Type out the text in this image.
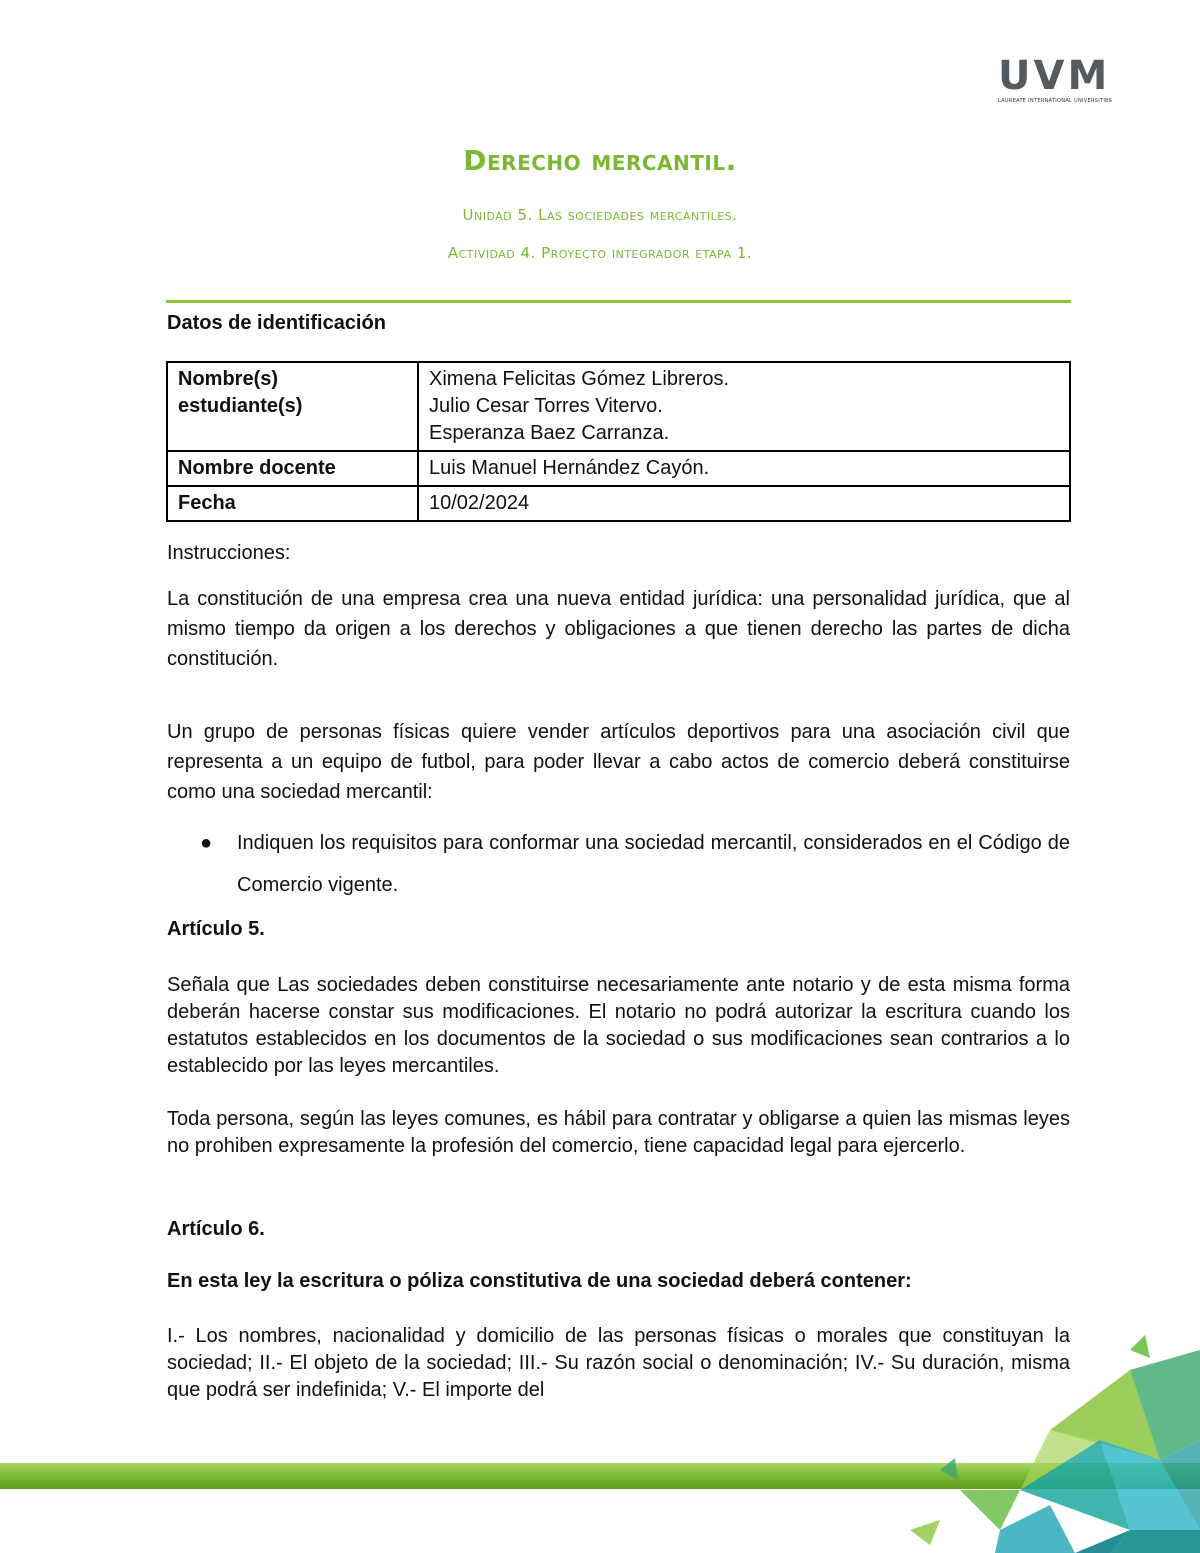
UVM
LAUREATE INTERNATIONAL UNIVERSITIES
Derecho mercantil.
Unidad 5. Las sociedades mercantiles.
Actividad 4. Proyecto integrador etapa 1.
Datos de identificación
Nombre(s) estudiante(s)	Ximena Felicitas Gómez Libreros.
Julio Cesar Torres Vitervo.
Esperanza Baez Carranza.

Nombre docente	Luis Manuel Hernández Cayón.
Fecha	10/02/2024
Instrucciones:
La constitución de una empresa crea una nueva entidad jurídica: una personalidad jurídica, que al mismo tiempo da origen a los derechos y obligaciones a que tienen derecho las partes de dicha constitución.
Un grupo de personas físicas quiere vender artículos deportivos para una asociación civil que representa a un equipo de futbol, para poder llevar a cabo actos de comercio deberá constituirse como una sociedad mercantil:
● Indiquen los requisitos para conformar una sociedad mercantil, considerados en el Código de Comercio vigente.
Artículo 5.
Señala que Las sociedades deben constituirse necesariamente ante notario y de esta misma forma deberán hacerse constar sus modificaciones. El notario no podrá autorizar la escritura cuando los estatutos establecidos en los documentos de la sociedad o sus modificaciones sean contrarios a lo establecido por las leyes mercantiles.
Toda persona, según las leyes comunes, es hábil para contratar y obligarse a quien las mismas leyes no prohiben expresamente la profesión del comercio, tiene capacidad legal para ejercerlo.
Artículo 6.
En esta ley la escritura o póliza constitutiva de una sociedad deberá contener:
I.- Los nombres, nacionalidad y domicilio de las personas físicas o morales que constituyan la sociedad; II.- El objeto de la sociedad; III.- Su razón social o denominación; IV.- Su duración, misma que podrá ser indefinida; V.- El importe del
